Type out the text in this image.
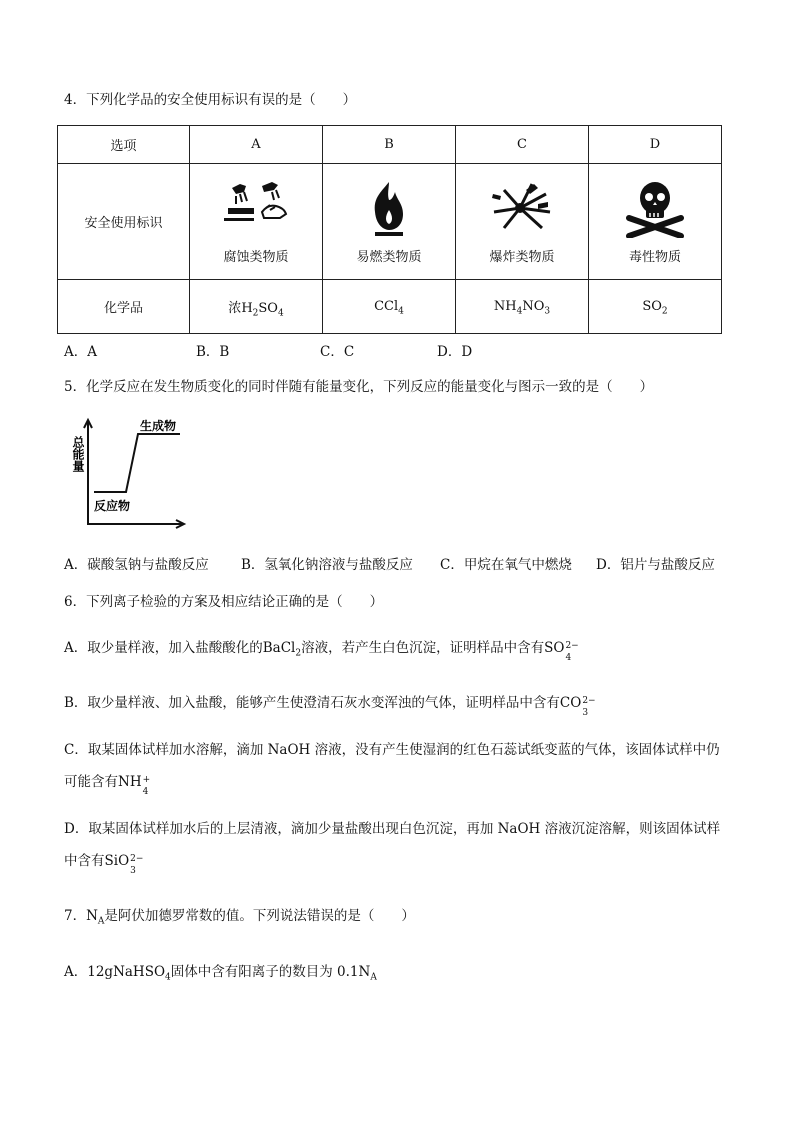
4．下列化学品的安全使用标识有误的是（　　）
选项	A	B	C	D
安全使用标识	腐蚀类物质	易燃类物质	爆炸类物质	毒性物质

化学品	浓$H_2SO_4$	CCl$_4$	$NH_4NO_3$	$SO_2$
A．A	B．B	C．C	D．D
5．化学反应在发生物质变化的同时伴随有能量变化，下列反应的能量变化与图示一致的是（　　）
总能量
生成物
反应物
A．碳酸氢钠与盐酸反应 B．氢氧化钠溶液与盐酸反应 C．甲烷在氧气中燃烧 D．铝片与盐酸反应
6．下列离子检验的方案及相应结论正确的是（　　）
A．取少量样液，加入盐酸酸化的BaCl$_2$溶液，若产生白色沉淀，证明样品中含有SO 2−
4
B．取少量样液、加入盐酸，能够产生使澄清石灰水变浑浊的气体，证明样品中含有CO 2−
3
C．取某固体试样加水溶解，滴加 NaOH 溶液，没有产生使湿润的红色石蕊试纸变蓝的气体，该固体试样中仍
可能含有NH +
4
D．取某固体试样加水后的上层清液，滴加少量盐酸出现白色沉淀，再加 NaOH 溶液沉淀溶解，则该固体试样
中含有SiO 2−
3
7．$N_A$是阿伏加德罗常数的值。下列说法错误的是（　　）
A．12gNaHSO$_4$固体中含有阳离子的数目为 $0.1N_A$
